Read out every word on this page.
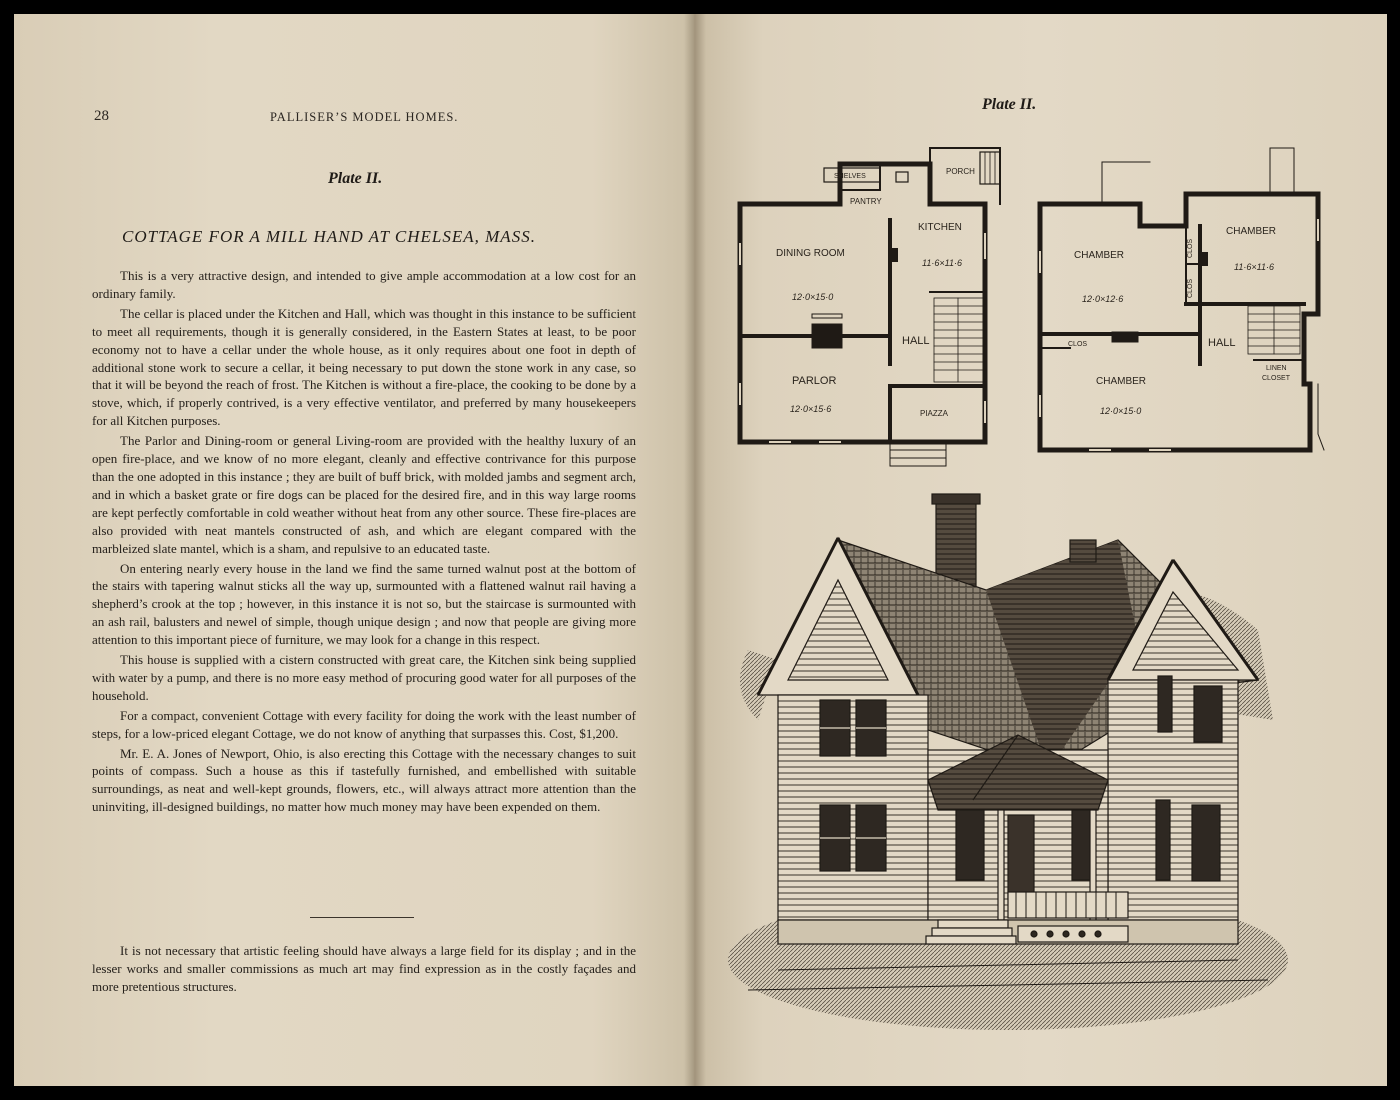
28	PALLISER’S MODEL HOMES.
Plate II.
COTTAGE FOR A MILL HAND AT CHELSEA, MASS.

This is a very attractive design, and intended to give ample accommodation at a low cost for an ordinary family.

The cellar is placed under the Kitchen and Hall, which was thought in this instance to be sufficient to meet all requirements, though it is generally considered, in the Eastern States at least, to be poor economy not to have a cellar under the whole house, as it only requires about one foot in depth of additional stone work to secure a cellar, it being necessary to put down the stone work in any case, so that it will be beyond the reach of frost. The Kitchen is without a fire-place, the cooking to be done by a stove, which, if properly contrived, is a very effective ventilator, and preferred by many housekeepers for all Kitchen purposes.

The Parlor and Dining-room or general Living-room are provided with the healthy luxury of an open fire-place, and we know of no more elegant, cleanly and effective contrivance for this purpose than the one adopted in this instance ; they are built of buff brick, with molded jambs and segment arch, and in which a basket grate or fire dogs can be placed for the desired fire, and in this way large rooms are kept perfectly comfortable in cold weather without heat from any other source. These fire-places are also provided with neat mantels constructed of ash, and which are elegant compared with the marbleized slate mantel, which is a sham, and repulsive to an educated taste.

On entering nearly every house in the land we find the same turned walnut post at the bottom of the stairs with tapering walnut sticks all the way up, surmounted with a flattened walnut rail having a shepherd’s crook at the top ; however, in this instance it is not so, but the staircase is surmounted with an ash rail, balusters and newel of simple, though unique design ; and now that people are giving more attention to this important piece of furniture, we may look for a change in this respect.

This house is supplied with a cistern constructed with great care, the Kitchen sink being supplied with water by a pump, and there is no more easy method of procuring good water for all purposes of the household.

For a compact, convenient Cottage with every facility for doing the work with the least number of steps, for a low-priced elegant Cottage, we do not know of anything that surpasses this. Cost, $1,200.

Mr. E. A. Jones of Newport, Ohio, is also erecting this Cottage with the necessary changes to suit points of compass. Such a house as this if tastefully furnished, and embellished with suitable surroundings, as neat and well-kept grounds, flowers, etc., will always attract more attention than the uninviting, ill-designed buildings, no matter how much money may have been expended on them.

It is not necessary that artistic feeling should have always a large field for its display ; and in the lesser works and smaller commissions as much art may find expression as in the costly façades and more pretentious structures.

Plate II.
SHELVES
PORCH
PANTRY
KITCHEN
11·6×11·6
DINING ROOM
12·0×15·0
HALL
PARLOR
12·0×15·6	PIAZZA
CHAMBER
12·0×12·6
CLOS
CLOS
CHAMBER
11·6×11·6
CLOS	HALL
CHAMBER
12·0×15·0
LINEN
CLOSET
